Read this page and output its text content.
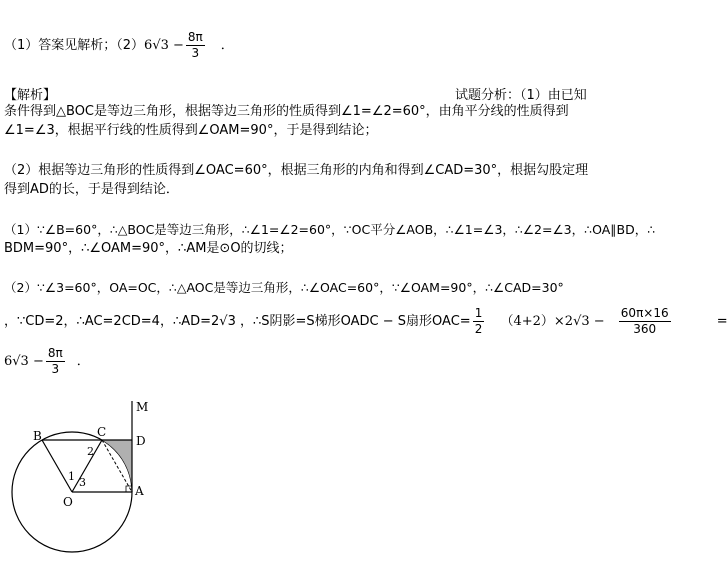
（1）答案见解析；$(2)6√3 - \frac{8\pi}{3}$ ．
【解析】	试题分析：（1）由已知
条件得到△BOC是等边三角形，根据等边三角形的性质得到∠1=∠2=60°，由角平分线的性质得到
∠1=∠3，根据平行线的性质得到∠OAM=90°，于是得到结论；
（2）根据等边三角形的性质得到∠OAC=60°，根据三角形的内角和得到∠CAD=30°，根据勾股定理
得到AD的长，于是得到结论．
（1）∵∠B=60°，∴△BOC是等边三角形，∴∠1=∠2=60°，∵OC平分∠AOB，∴∠1=∠3，∴∠2=∠3，∴OA∥BD，∴
BDM=90°，∴∠OAM=90°，∴AM是⊙O的切线；
（2）∵∠3=60°，OA=OC，∴△AOC是等边三角形，∴∠OAC=60°，∵∠OAM=90°，∴∠CAD=30°
，∵CD=2，∴AC=2CD=4，∴AD=2√3 ，∴S阴影=S梯形OADC − S扇形$OAC= \frac{1}{2} (4+2)\times 2√3 - \frac{60\pi\times 16}{360}$	=
$6√3 - \frac{8\pi}{3}$ ．
M
B	C
D
O
A
1
2
3
